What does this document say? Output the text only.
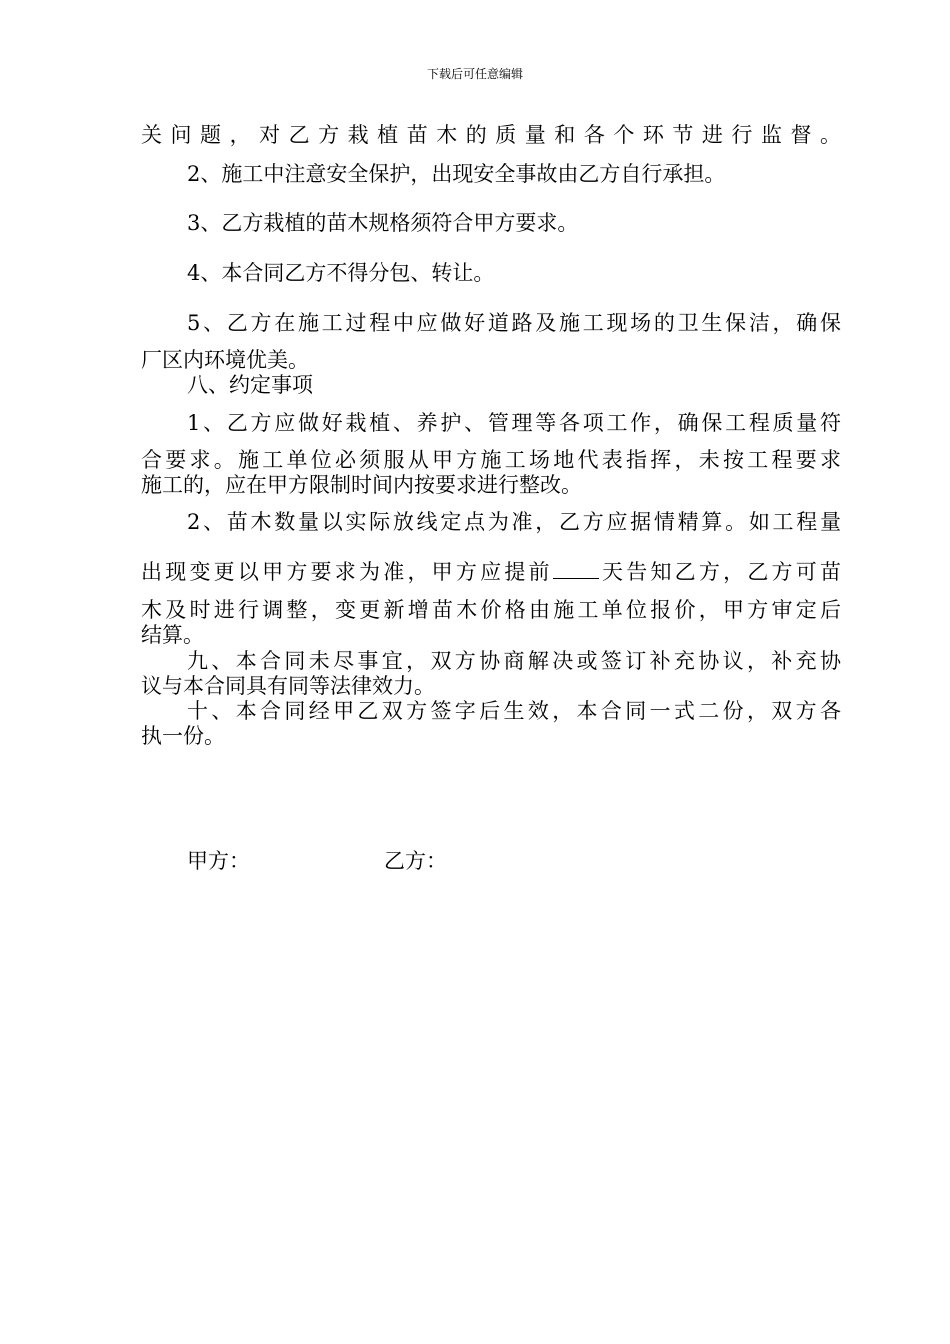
下载后可任意编辑
关问题，对乙方栽植苗木的质量和各个环节进行监督。
2、施工中注意安全保护，出现安全事故由乙方自行承担。
3、乙方栽植的苗木规格须符合甲方要求。
4、本合同乙方不得分包、转让。
5、乙方在施工过程中应做好道路及施工现场的卫生保洁，确保
厂区内环境优美。
八、约定事项
1、乙方应做好栽植、养护、管理等各项工作，确保工程质量符
合要求。施工单位必须服从甲方施工场地代表指挥，未按工程要求
施工的，应在甲方限制时间内按要求进行整改。
2、苗木数量以实际放线定点为准，乙方应据情精算。如工程量
出现变更以甲方要求为准，甲方应提前 天告知乙方，乙方可苗
木及时进行调整，变更新增苗木价格由施工单位报价，甲方审定后
结算。
九、本合同未尽事宜，双方协商解决或签订补充协议，补充协
议与本合同具有同等法律效力。
十、本合同经甲乙双方签字后生效，本合同一式二份，双方各
执一份。
甲方：	乙方：
